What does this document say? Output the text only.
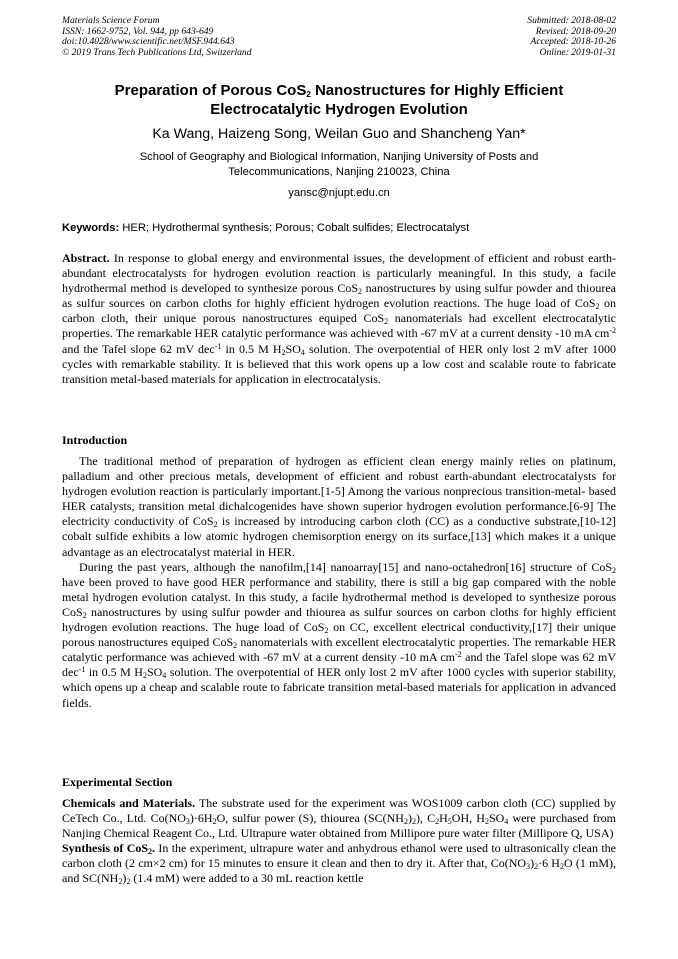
Materials Science Forum
ISSN: 1662-9752, Vol. 944, pp 643-649
doi:10.4028/www.scientific.net/MSF.944.643
© 2019 Trans Tech Publications Ltd, Switzerland
Submitted: 2018-08-02
Revised: 2018-09-20
Accepted: 2018-10-26
Online: 2019-01-31
Preparation of Porous CoS$_2$ Nanostructures for Highly Efficient
Electrocatalytic Hydrogen Evolution
Ka Wang, Haizeng Song, Weilan Guo and Shancheng Yan*
School of Geography and Biological Information, Nanjing University of Posts and
Telecommunications, Nanjing 210023, China
yansc@njupt.edu.cn
Keywords: HER; Hydrothermal synthesis; Porous; Cobalt sulfides; Electrocatalyst

Abstract. In response to global energy and environmental issues, the development of efficient and robust earth-abundant electrocatalysts for hydrogen evolution reaction is particularly meaningful. In this study, a facile hydrothermal method is developed to synthesize porous CoS$_2$ nanostructures by using sulfur powder and thiourea as sulfur sources on carbon cloths for highly efficient hydrogen evolution reactions. The huge load of CoS$_2$ on carbon cloth, their unique porous nanostructures equiped CoS$_2$ nanomaterials had excellent electrocatalytic properties. The remarkable HER catalytic performance was achieved with -67 mV at a current density -10 mA $cm^{-2}$ and the Tafel slope 62 mV dec$^{-1}$ in 0.5 M $H_2SO_4$ solution. The overpotential of HER only lost 2 mV after 1000 cycles with remarkable stability. It is believed that this work opens up a low cost and scalable route to fabricate transition metal-based materials for application in electrocatalysis.

Introduction

The traditional method of preparation of hydrogen as efficient clean energy mainly relies on platinum, palladium and other precious metals, development of efficient and robust earth-abundant electrocatalysts for hydrogen evolution reaction is particularly important.[1-5] Among the various nonprecious transition-metal- based HER catalysts, transition metal dichalcogenides have shown superior hydrogen evolution performance.[6-9] The electricity conductivity of CoS$_2$ is increased by introducing carbon cloth (CC) as a conductive substrate,[10-12] cobalt sulfide exhibits a low atomic hydrogen chemisorption energy on its surface,[13] which makes it a unique advantage as an electrocatalyst material in HER.

During the past years, although the nanofilm,[14] nanoarray[15] and nano-octahedron[16] structure of CoS$_2$ have been proved to have good HER performance and stability, there is still a big gap compared with the noble metal hydrogen evolution catalyst. In this study, a facile hydrothermal method is developed to synthesize porous CoS$_2$ nanostructures by using sulfur powder and thiourea as sulfur sources on carbon cloths for highly efficient hydrogen evolution reactions. The huge load of CoS$_2$ on CC, excellent electrical conductivity,[17] their unique porous nanostructures equiped CoS$_2$ nanomaterials with excellent electrocatalytic properties. The remarkable HER catalytic performance was achieved with -67 mV at a current density -10 mA $cm^{-2}$ and the Tafel slope was 62 mV dec$^{-1}$ in 0.5 M $H_2SO_4$ solution. The overpotential of HER only lost 2 mV after 1000 cycles with superior stability, which opens up a cheap and scalable route to fabricate transition metal-based materials for application in advanced fields.

Experimental Section

Chemicals and Materials. The substrate used for the experiment was WOS1009 carbon cloth (CC) supplied by CeTech Co., Ltd. $Co(NO_3)\cdot 6H_2O$, sulfur power (S), thiourea $(SC(NH_2)_2)$, $C_2H_5OH$, $H_2SO_4$ were purchased from Nanjing Chemical Reagent Co., Ltd. Ultrapure water obtained from Millipore pure water filter (Millipore Q, USA)

Synthesis of CoS$_2$. In the experiment, ultrapure water and anhydrous ethanol were used to ultrasonically clean the carbon cloth (2 cm×2 cm) for 15 minutes to ensure it clean and then to dry it. After that, $Co(NO_3)_2\cdot 6$ $H_2O$ (1 mM), and $SC(NH_2)_2$ (1.4 mM) were added to a 30 mL reaction kettle
